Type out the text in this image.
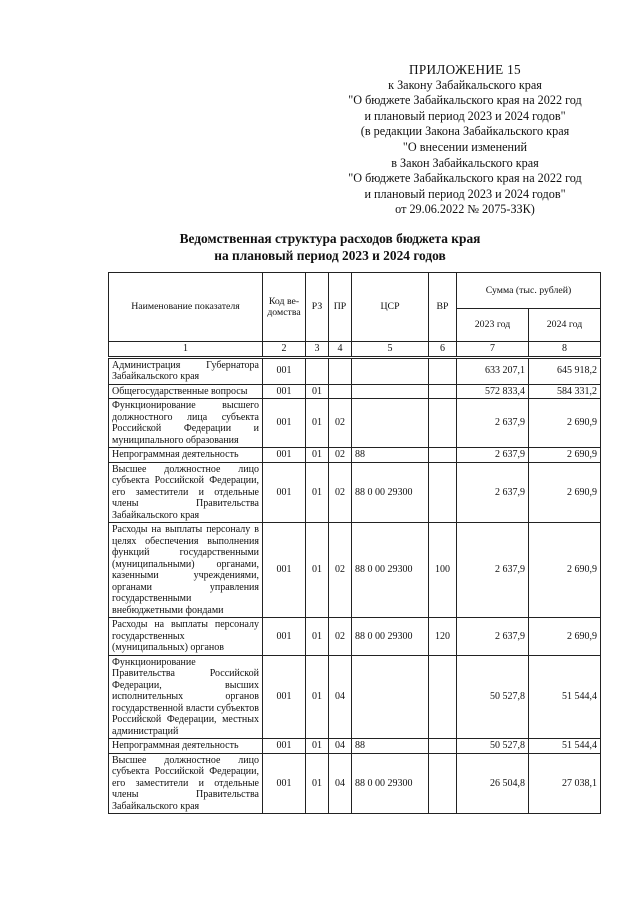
ПРИЛОЖЕНИЕ 15
к Закону Забайкальского края
"О бюджете Забайкальского края на 2022 год
и плановый период 2023 и 2024 годов"
(в редакции Закона Забайкальского края
"О внесении изменений
в Закон Забайкальского края
"О бюджете Забайкальского края на 2022 год
и плановый период 2023 и 2024 годов"
от 29.06.2022 № 2075-ЗЗК)
Ведомственная структура расходов бюджета края
на плановый период 2023 и 2024 годов
Наименование показателя	Код ве-домства	РЗ	ПР	ЦСР	ВР	Сумма (тыс. рублей)	
						2023 год	2024 год
1	2	3	4	5	6	7	8
Администрация Губернатора Забайкальского края	001					633 207,1	645 918,2
Общегосударственные вопросы	001	01				572 833,4	584 331,2
Функционирование высшего должностного лица субъекта Российской Федерации и муниципального образования	001	01	02			2 637,9	2 690,9
Непрограммная деятельность	001	01	02	88		2 637,9	2 690,9
Высшее должностное лицо субъекта Российской Федерации, его заместители и отдельные члены Правительства Забайкальского края	001	01	02	88 0 00 29300		2 637,9	2 690,9
Расходы на выплаты персоналу в целях обеспечения выполнения функций государственными (муниципальными) органами, казенными учреждениями, органами управления государственными внебюджетными фондами	001	01	02	88 0 00 29300	100	2 637,9	2 690,9
Расходы на выплаты персоналу государственных (муниципальных) органов	001	01	02	88 0 00 29300	120	2 637,9	2 690,9
Функционирование Правительства Российской Федерации, высших исполнительных органов государственной власти субъектов Российской Федерации, местных администраций	001	01	04			50 527,8	51 544,4
Непрограммная деятельность	001	01	04	88		50 527,8	51 544,4
Высшее должностное лицо субъекта Российской Федерации, его заместители и отдельные члены Правительства Забайкальского края	001	01	04	88 0 00 29300		26 504,8	27 038,1
